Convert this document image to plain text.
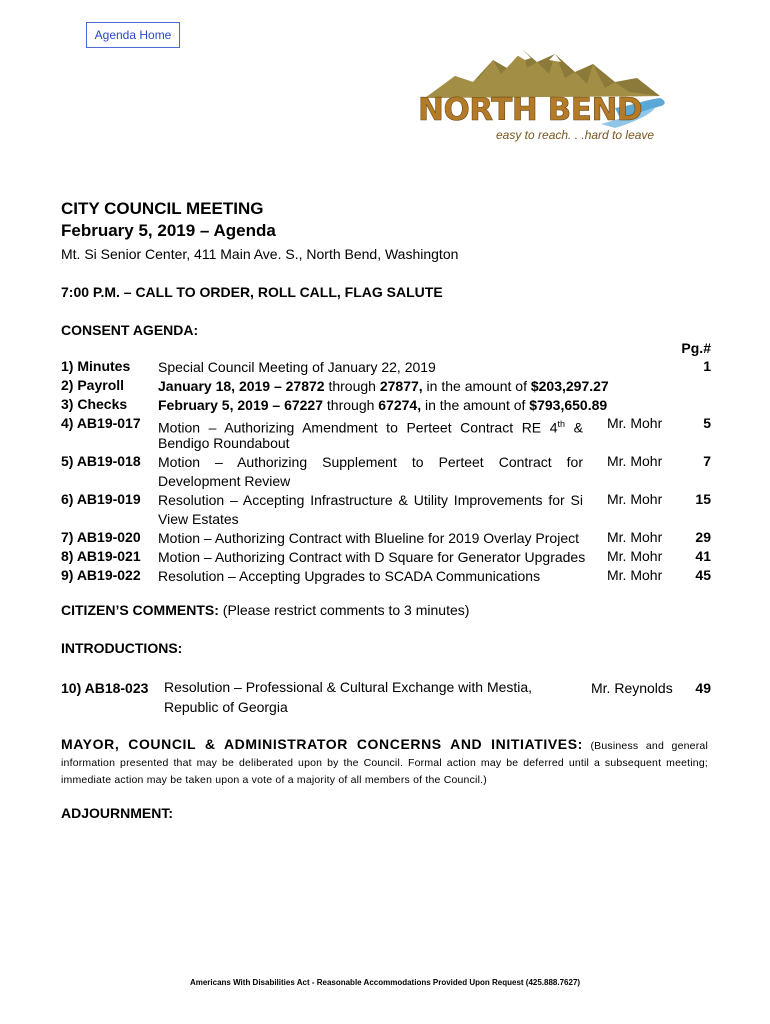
Agenda Home
NORTH BEND
easy to reach. . .hard to leave
CITY COUNCIL MEETING
February 5, 2019 – Agenda
Mt. Si Senior Center, 411 Main Ave. S., North Bend, Washington
7:00 P.M. – CALL TO ORDER, ROLL CALL, FLAG SALUTE
CONSENT AGENDA:
Pg.#
1) Minutes Special Council Meeting of January 22, 2019	1
2) Payroll January 18, 2019 – 27872 through 27877, in the amount of $203,297.27
3) Checks February 5, 2019 – 67227 through 67274, in the amount of $793,650.89
4) AB19-017 Motion – Authorizing Amendment to Perteet Contract RE 4th &
Bendigo Roundabout
Mr. Mohr	5
5) AB19-018 Motion – Authorizing Supplement to Perteet Contract for
Development Review
Mr. Mohr	7
6) AB19-019 Resolution – Accepting Infrastructure & Utility Improvements for Si
View Estates
Mr. Mohr 15
7) AB19-020 Motion – Authorizing Contract with Blueline for 2019 Overlay Project	Mr. Mohr 29
8) AB19-021 Motion – Authorizing Contract with D Square for Generator Upgrades	Mr. Mohr 41
9) AB19-022 Resolution – Accepting Upgrades to SCADA Communications	Mr. Mohr 45
CITIZEN’S COMMENTS: (Please restrict comments to 3 minutes)
INTRODUCTIONS:
10) AB18-023 Resolution – Professional & Cultural Exchange with Mestia,
Republic of Georgia
Mr. Reynolds 49
MAYOR, COUNCIL & ADMINISTRATOR CONCERNS AND INITIATIVES: (Business and general information presented that may be deliberated upon by the Council. Formal action may be deferred until a subsequent meeting; immediate action may be taken upon a vote of a majority of all members of the Council.)
ADJOURNMENT:
Americans With Disabilities Act - Reasonable Accommodations Provided Upon Request (425.888.7627)
